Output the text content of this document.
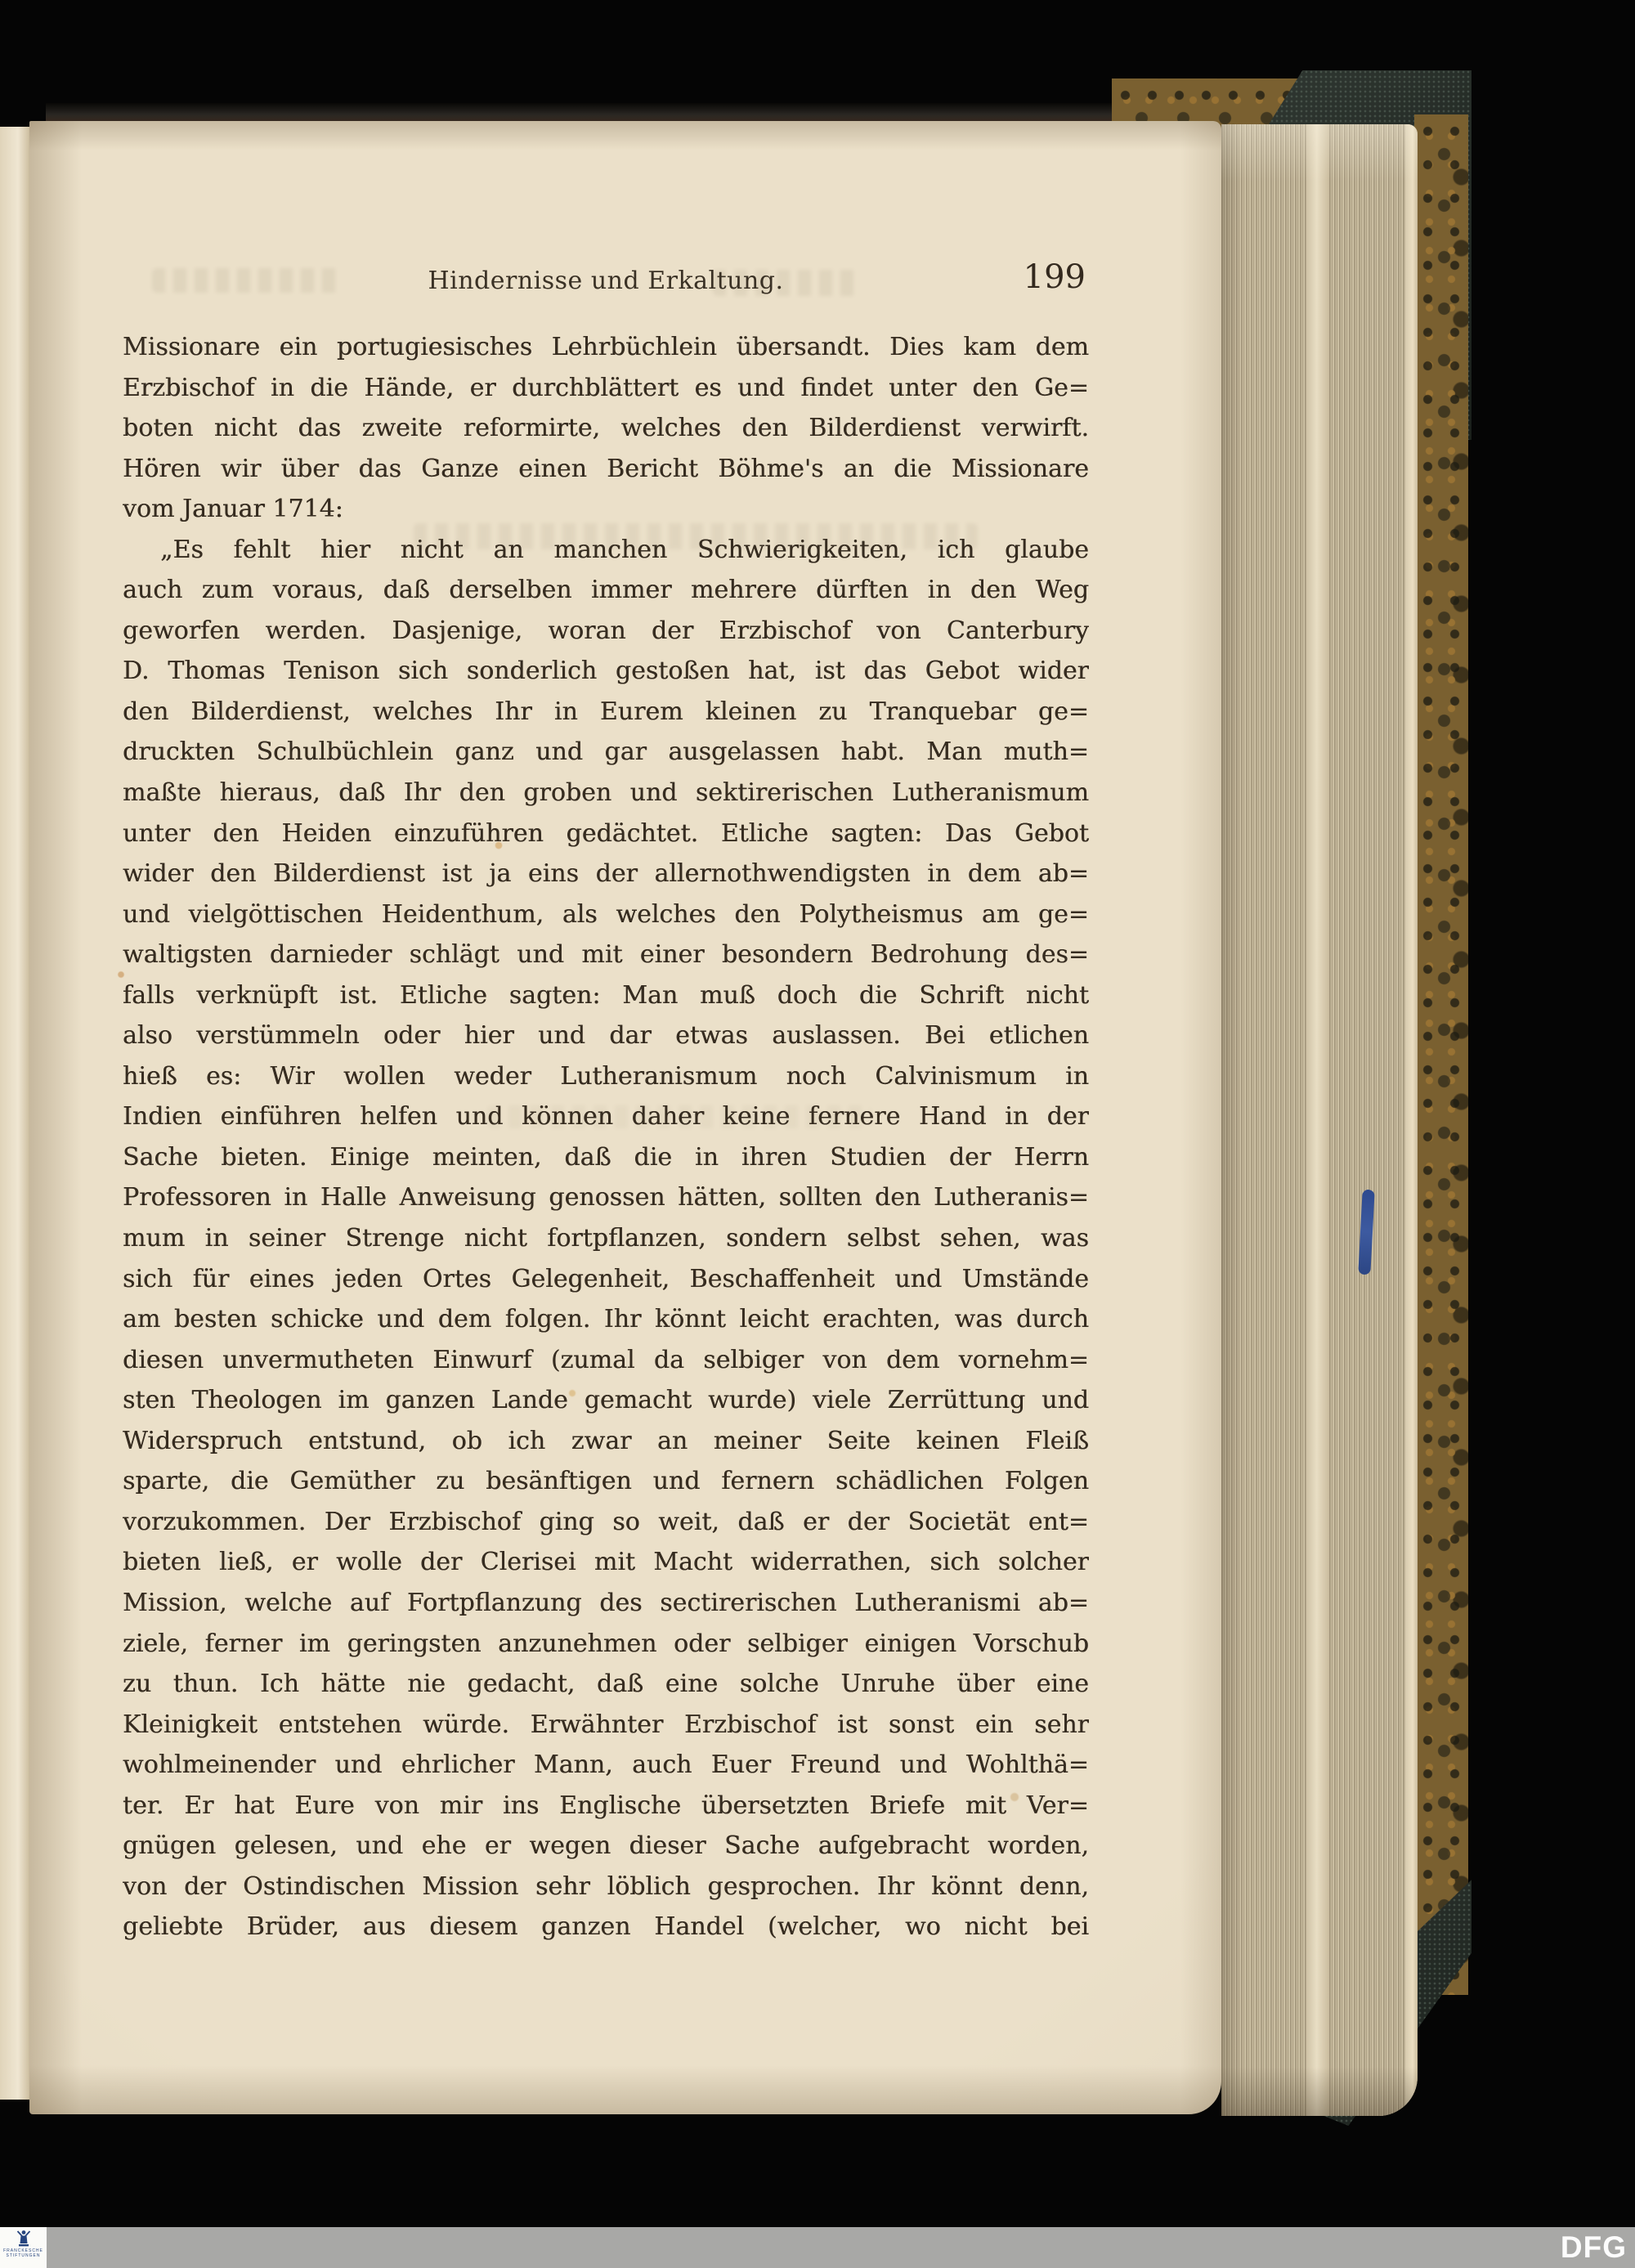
Hindernisse und Erkaltung.	199
Missionare ein portugiesisches Lehrbüchlein übersandt. Dies kam dem
Erzbischof in die Hände, er durchblättert es und findet unter den Ge=
boten nicht das zweite reformirte, welches den Bilderdienst verwirft.
Hören wir über das Ganze einen Bericht Böhme's an die Missionare
vom Januar 1714:
„Es fehlt hier nicht an manchen Schwierigkeiten, ich glaube
auch zum voraus, daß derselben immer mehrere dürften in den Weg
geworfen werden. Dasjenige, woran der Erzbischof von Canterbury
D. Thomas Tenison sich sonderlich gestoßen hat, ist das Gebot wider
den Bilderdienst, welches Ihr in Eurem kleinen zu Tranquebar ge=
druckten Schulbüchlein ganz und gar ausgelassen habt. Man muth=
maßte hieraus, daß Ihr den groben und sektirerischen Lutheranismum
unter den Heiden einzuführen gedächtet. Etliche sagten: Das Gebot
wider den Bilderdienst ist ja eins der allernothwendigsten in dem ab=
und vielgöttischen Heidenthum, als welches den Polytheismus am ge=
waltigsten darnieder schlägt und mit einer besondern Bedrohung des=
falls verknüpft ist. Etliche sagten: Man muß doch die Schrift nicht
also verstümmeln oder hier und dar etwas auslassen. Bei etlichen
hieß es: Wir wollen weder Lutheranismum noch Calvinismum in
Indien einführen helfen und können daher keine fernere Hand in der
Sache bieten. Einige meinten, daß die in ihren Studien der Herrn
Professoren in Halle Anweisung genossen hätten, sollten den Lutheranis=
mum in seiner Strenge nicht fortpflanzen, sondern selbst sehen, was
sich für eines jeden Ortes Gelegenheit, Beschaffenheit und Umstände
am besten schicke und dem folgen. Ihr könnt leicht erachten, was durch
diesen unvermutheten Einwurf (zumal da selbiger von dem vornehm=
sten Theologen im ganzen Lande gemacht wurde) viele Zerrüttung und
Widerspruch entstund, ob ich zwar an meiner Seite keinen Fleiß
sparte, die Gemüther zu besänftigen und fernern schädlichen Folgen
vorzukommen. Der Erzbischof ging so weit, daß er der Societät ent=
bieten ließ, er wolle der Clerisei mit Macht widerrathen, sich solcher
Mission, welche auf Fortpflanzung des sectirerischen Lutheranismi ab=
ziele, ferner im geringsten anzunehmen oder selbiger einigen Vorschub
zu thun. Ich hätte nie gedacht, daß eine solche Unruhe über eine
Kleinigkeit entstehen würde. Erwähnter Erzbischof ist sonst ein sehr
wohlmeinender und ehrlicher Mann, auch Euer Freund und Wohlthä=
ter. Er hat Eure von mir ins Englische übersetzten Briefe mit Ver=
gnügen gelesen, und ehe er wegen dieser Sache aufgebracht worden,
von der Ostindischen Mission sehr löblich gesprochen. Ihr könnt denn,
geliebte Brüder, aus diesem ganzen Handel (welcher, wo nicht bei
FRANCKESCHE
STIFTUNGEN	DFG
